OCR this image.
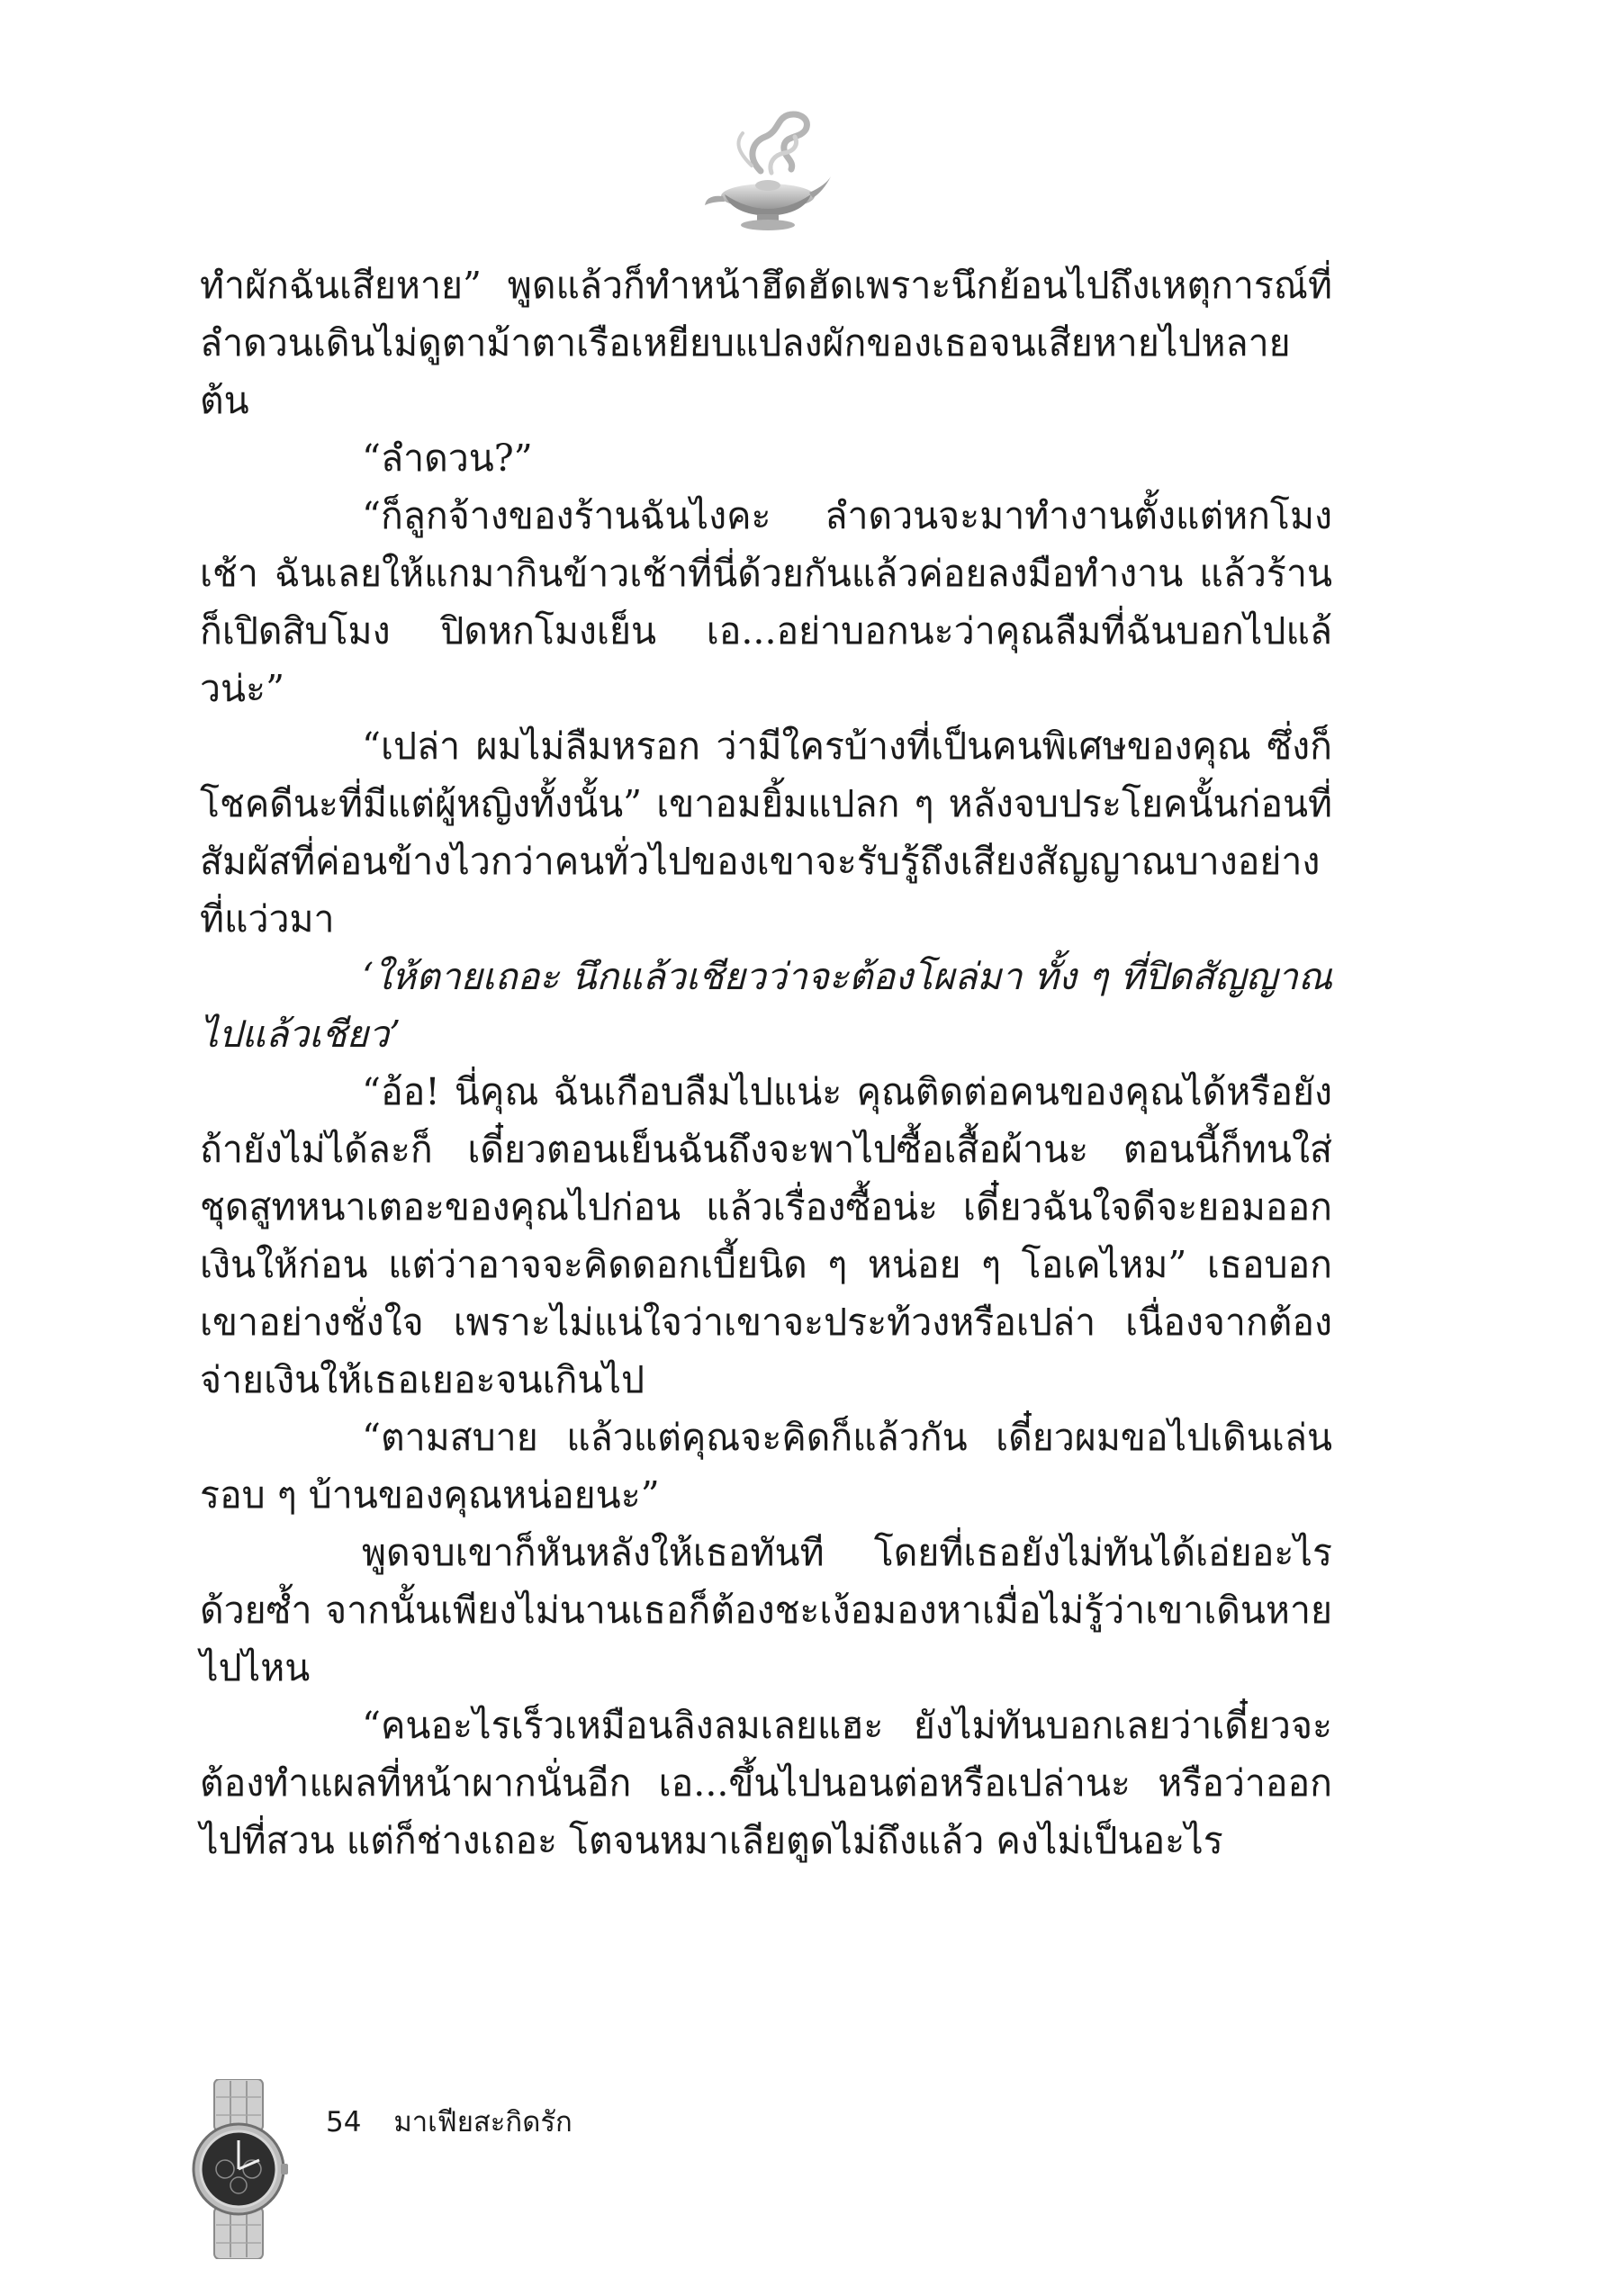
ทำผักฉันเสียหาย” พูดแล้วก็ทำหน้าฮึดฮัดเพราะนึกย้อนไปถึงเหตุการณ์ที่ลำดวนเดินไม่ดูตาม้าตาเรือเหยียบแปลงผักของเธอจนเสียหายไปหลายต้น

“ลำดวน?”

“ก็ลูกจ้างของร้านฉันไงคะ ลำดวนจะมาทำงานตั้งแต่หกโมงเช้า ฉันเลยให้แกมากินข้าวเช้าที่นี่ด้วยกันแล้วค่อยลงมือทำงาน แล้วร้านก็เปิดสิบโมง ปิดหกโมงเย็น เอ...อย่าบอกนะว่าคุณลืมที่ฉันบอกไปแล้วน่ะ”

“เปล่า ผมไม่ลืมหรอก ว่ามีใครบ้างที่เป็นคนพิเศษของคุณ ซึ่งก็โชคดีนะที่มีแต่ผู้หญิงทั้งนั้น” เขาอมยิ้มแปลก ๆ หลังจบประโยคนั้นก่อนที่สัมผัสที่ค่อนข้างไวกว่าคนทั่วไปของเขาจะรับรู้ถึงเสียงสัญญาณบางอย่างที่แว่วมา

‘ให้ตายเถอะ นึกแล้วเชียวว่าจะต้องโผล่มา ทั้ง ๆ ที่ปิดสัญญาณไปแล้วเชียว’

“อ้อ! นี่คุณ ฉันเกือบลืมไปแน่ะ คุณติดต่อคนของคุณได้หรือยัง ถ้ายังไม่ได้ละก็ เดี๋ยวตอนเย็นฉันถึงจะพาไปซื้อเสื้อผ้านะ ตอนนี้ก็ทนใส่ชุดสูทหนาเตอะของคุณไปก่อน แล้วเรื่องซื้อน่ะ เดี๋ยวฉันใจดีจะยอมออกเงินให้ก่อน แต่ว่าอาจจะคิดดอกเบี้ยนิด ๆ หน่อย ๆ โอเคไหม” เธอบอกเขาอย่างชั่งใจ เพราะไม่แน่ใจว่าเขาจะประท้วงหรือเปล่า เนื่องจากต้องจ่ายเงินให้เธอเยอะจนเกินไป

“ตามสบาย แล้วแต่คุณจะคิดก็แล้วกัน เดี๋ยวผมขอไปเดินเล่นรอบ ๆ บ้านของคุณหน่อยนะ”

พูดจบเขาก็หันหลังให้เธอทันที โดยที่เธอยังไม่ทันได้เอ่ยอะไรด้วยซ้ำ จากนั้นเพียงไม่นานเธอก็ต้องชะเง้อมองหาเมื่อไม่รู้ว่าเขาเดินหายไปไหน

“คนอะไรเร็วเหมือนลิงลมเลยแฮะ ยังไม่ทันบอกเลยว่าเดี๋ยวจะต้องทำแผลที่หน้าผากนั่นอีก เอ...ขึ้นไปนอนต่อหรือเปล่านะ หรือว่าออกไปที่สวน แต่ก็ช่างเถอะ โตจนหมาเลียตูดไม่ถึงแล้ว คงไม่เป็นอะไร

54 มาเฟียสะกิดรัก
